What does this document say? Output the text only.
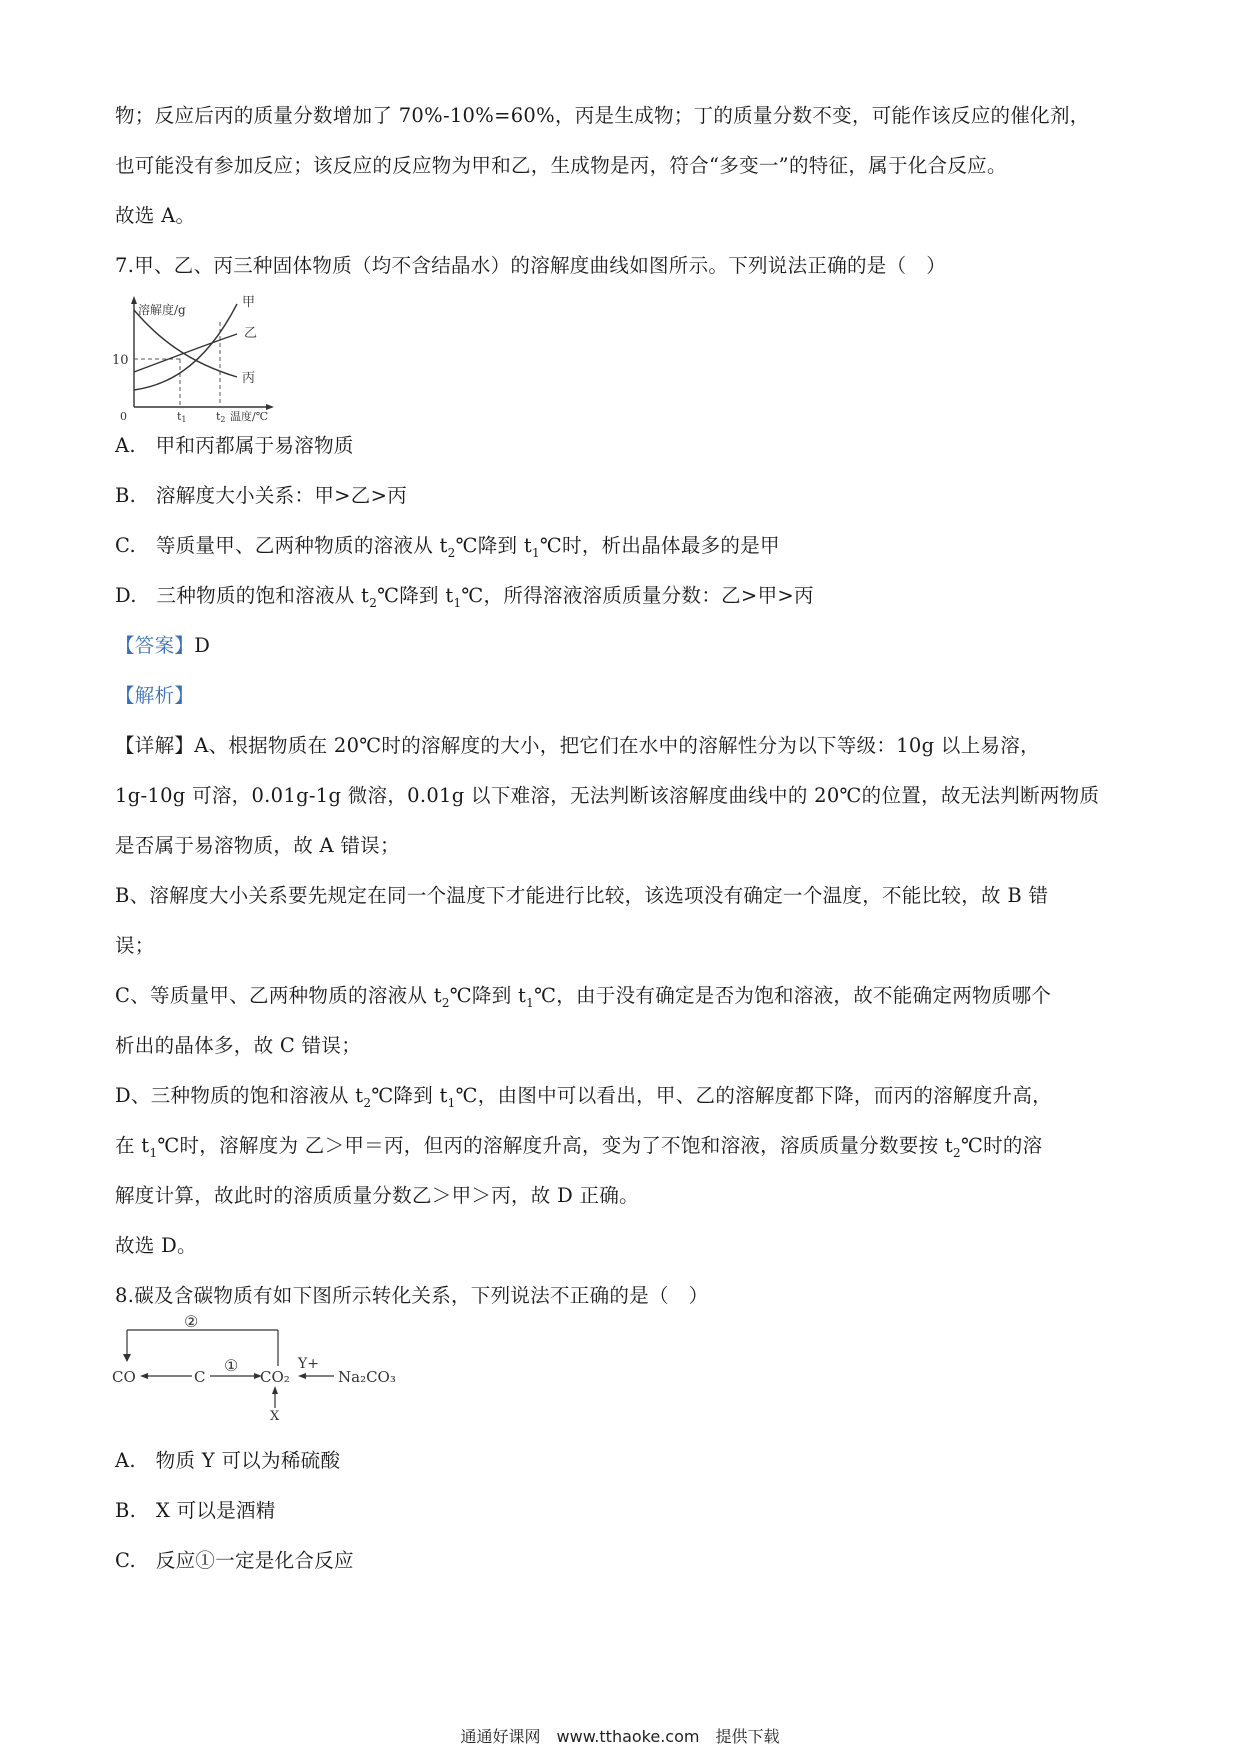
物；反应后丙的质量分数增加了 70%-10%=60%，丙是生成物；丁的质量分数不变，可能作该反应的催化剂，
也可能没有参加反应；该反应的反应物为甲和乙，生成物是丙，符合“多变一”的特征，属于化合反应。
故选 A。
7.甲、乙、丙三种固体物质（均不含结晶水）的溶解度曲线如图所示。下列说法正确的是（　）
溶解度/g	甲
乙
丙
10
0	t1	t2 温度/℃
A.　甲和丙都属于易溶物质
B.　溶解度大小关系：甲>乙>丙
C.　等质量甲、乙两种物质的溶液从 $t_2℃$降到 $t_1℃$时，析出晶体最多的是甲
D.　三种物质的饱和溶液从 $t_2℃$降到 $t_1℃$，所得溶液溶质质量分数：乙>甲>丙
【答案】D
【解析】
【详解】A、根据物质在 20℃时的溶解度的大小，把它们在水中的溶解性分为以下等级：10g 以上易溶，
1g-10g 可溶，0.01g-1g 微溶，0.01g 以下难溶，无法判断该溶解度曲线中的 20℃的位置，故无法判断两物质
是否属于易溶物质，故 A 错误；
B、溶解度大小关系要先规定在同一个温度下才能进行比较，该选项没有确定一个温度，不能比较，故 B 错
误；
C、等质量甲、乙两种物质的溶液从 $t_2℃$降到 $t_1℃$，由于没有确定是否为饱和溶液，故不能确定两物质哪个
析出的晶体多，故 C 错误；
D、三种物质的饱和溶液从 $t_2℃$降到 $t_1℃$，由图中可以看出，甲、乙的溶解度都下降，而丙的溶解度升高，
在 $t_1℃$时，溶解度为 乙＞甲＝丙，但丙的溶解度升高，变为了不饱和溶液，溶质质量分数要按 $t_2℃$时的溶
解度计算，故此时的溶质质量分数乙＞甲＞丙，故 D 正确。
故选 D。
8.碳及含碳物质有如下图所示转化关系，下列说法不正确的是（　）
②
①	Y+
CO	C	CO₂	Na₂CO₃
X
A.　物质 Y 可以为稀硫酸
B.　X 可以是酒精
C.　反应①一定是化合反应
通通好课网　www.tthaoke.com　提供下载
